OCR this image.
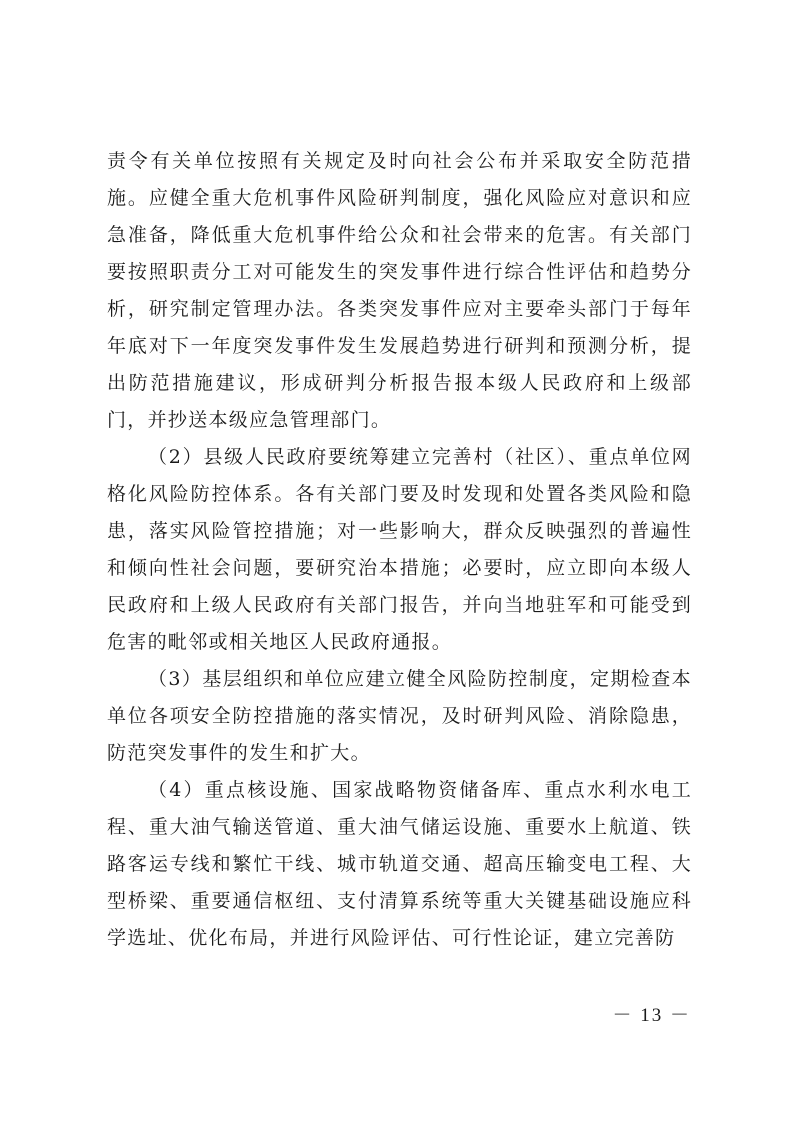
责令有关单位按照有关规定及时向社会公布并采取安全防范措施。应健全重大危机事件风险研判制度，强化风险应对意识和应急准备，降低重大危机事件给公众和社会带来的危害。有关部门要按照职责分工对可能发生的突发事件进行综合性评估和趋势分析，研究制定管理办法。各类突发事件应对主要牵头部门于每年年底对下一年度突发事件发生发展趋势进行研判和预测分析，提出防范措施建议，形成研判分析报告报本级人民政府和上级部门，并抄送本级应急管理部门。

（2）县级人民政府要统筹建立完善村（社区）、重点单位网格化风险防控体系。各有关部门要及时发现和处置各类风险和隐患，落实风险管控措施；对一些影响大，群众反映强烈的普遍性和倾向性社会问题，要研究治本措施；必要时，应立即向本级人民政府和上级人民政府有关部门报告，并向当地驻军和可能受到危害的毗邻或相关地区人民政府通报。

（3）基层组织和单位应建立健全风险防控制度，定期检查本单位各项安全防控措施的落实情况，及时研判风险、消除隐患，防范突发事件的发生和扩大。

（4）重点核设施、国家战略物资储备库、重点水利水电工程、重大油气输送管道、重大油气储运设施、重要水上航道、铁路客运专线和繁忙干线、城市轨道交通、超高压输变电工程、大型桥梁、重要通信枢纽、支付清算系统等重大关键基础设施应科学选址、优化布局，并进行风险评估、可行性论证，建立完善防

－ 13 －
